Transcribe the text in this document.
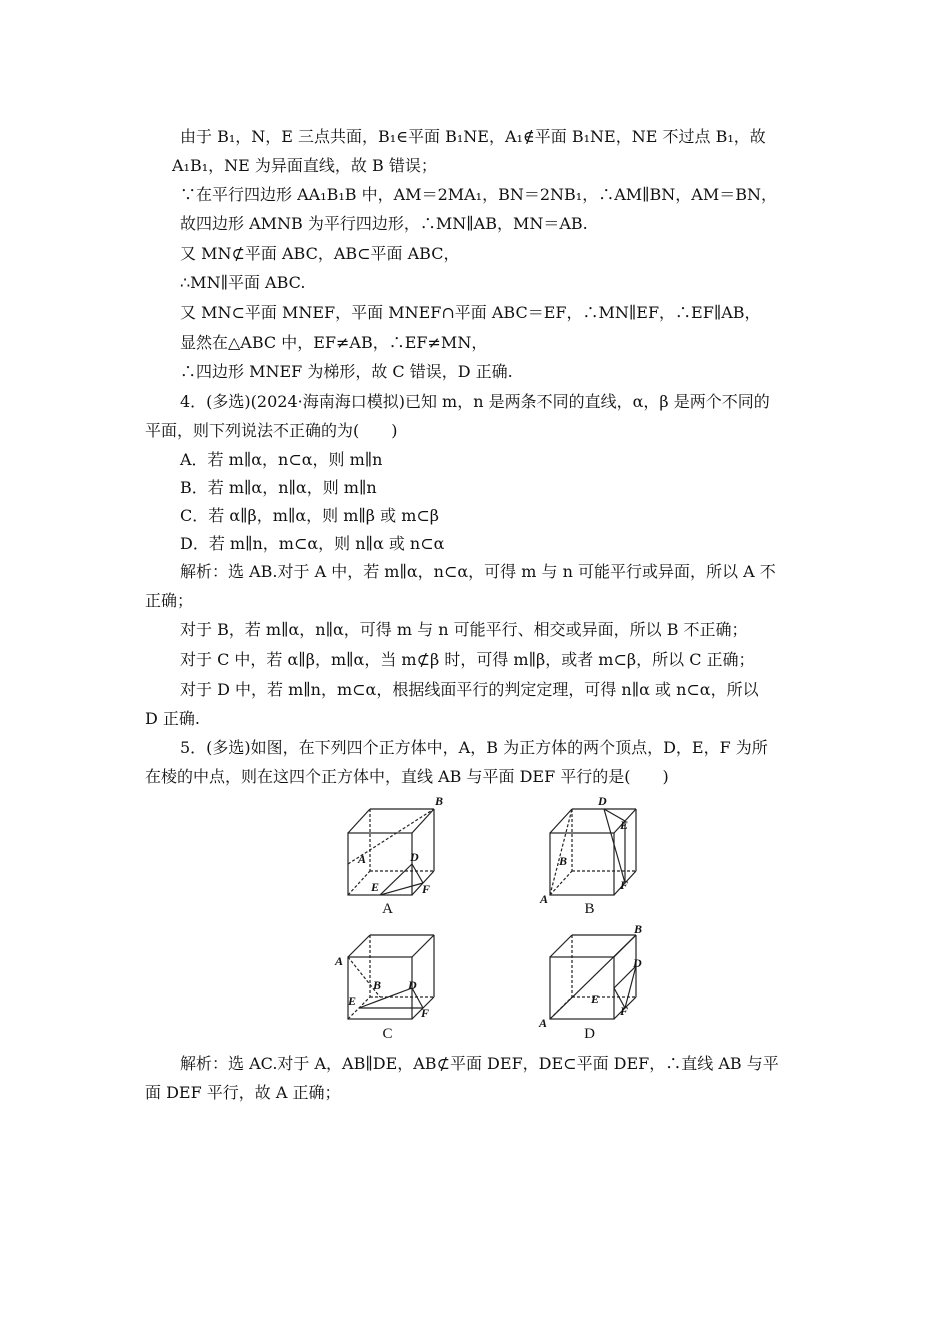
由于 B₁，N，E 三点共面，B₁∈平面 B₁NE，A₁∉平面 B₁NE，NE 不过点 B₁，故
A₁B₁，NE 为异面直线，故 B 错误；
∵在平行四边形 AA₁B₁B 中，AM＝2MA₁，BN＝2NB₁，∴AM∥BN，AM＝BN，
故四边形 AMNB 为平行四边形，∴MN∥AB，MN＝AB.
又 MN⊄平面 ABC，AB⊂平面 ABC，
∴MN∥平面 ABC.
又 MN⊂平面 MNEF，平面 MNEF∩平面 ABC＝EF，∴MN∥EF，∴EF∥AB，
显然在△ABC 中，EF≠AB，∴EF≠MN，
∴四边形 MNEF 为梯形，故 C 错误，D 正确.
4．(多选)(2024·海南海口模拟)已知 m，n 是两条不同的直线，α，β 是两个不同的
平面，则下列说法不正确的为(　　)
A．若 m∥α，n⊂α，则 m∥n
B．若 m∥α，n∥α，则 m∥n
C．若 α∥β，m∥α，则 m∥β 或 m⊂β
D．若 m∥n，m⊂α，则 n∥α 或 n⊂α
解析：选 AB.对于 A 中，若 m∥α，n⊂α，可得 m 与 n 可能平行或异面，所以 A 不
正确；
对于 B，若 m∥α，n∥α，可得 m 与 n 可能平行、相交或异面，所以 B 不正确；
对于 C 中，若 α∥β，m∥α，当 m⊄β 时，可得 m∥β，或者 m⊂β，所以 C 正确；
对于 D 中，若 m∥n，m⊂α，根据线面平行的判定定理，可得 n∥α 或 n⊂α，所以
D 正确.
5．(多选)如图，在下列四个正方体中，A，B 为正方体的两个顶点，D，E，F 为所
在棱的中点，则在这四个正方体中，直线 AB 与平面 DEF 平行的是(　　)
解析：选 AC.对于 A，AB∥DE，AB⊄平面 DEF，DE⊂平面 DEF，∴直线 AB 与平
面 DEF 平行，故 A 正确；
B
A	D
E	F
A
D
E
B
A
F
B
A
B D
E
F
C
B
D
E
A
F
D
